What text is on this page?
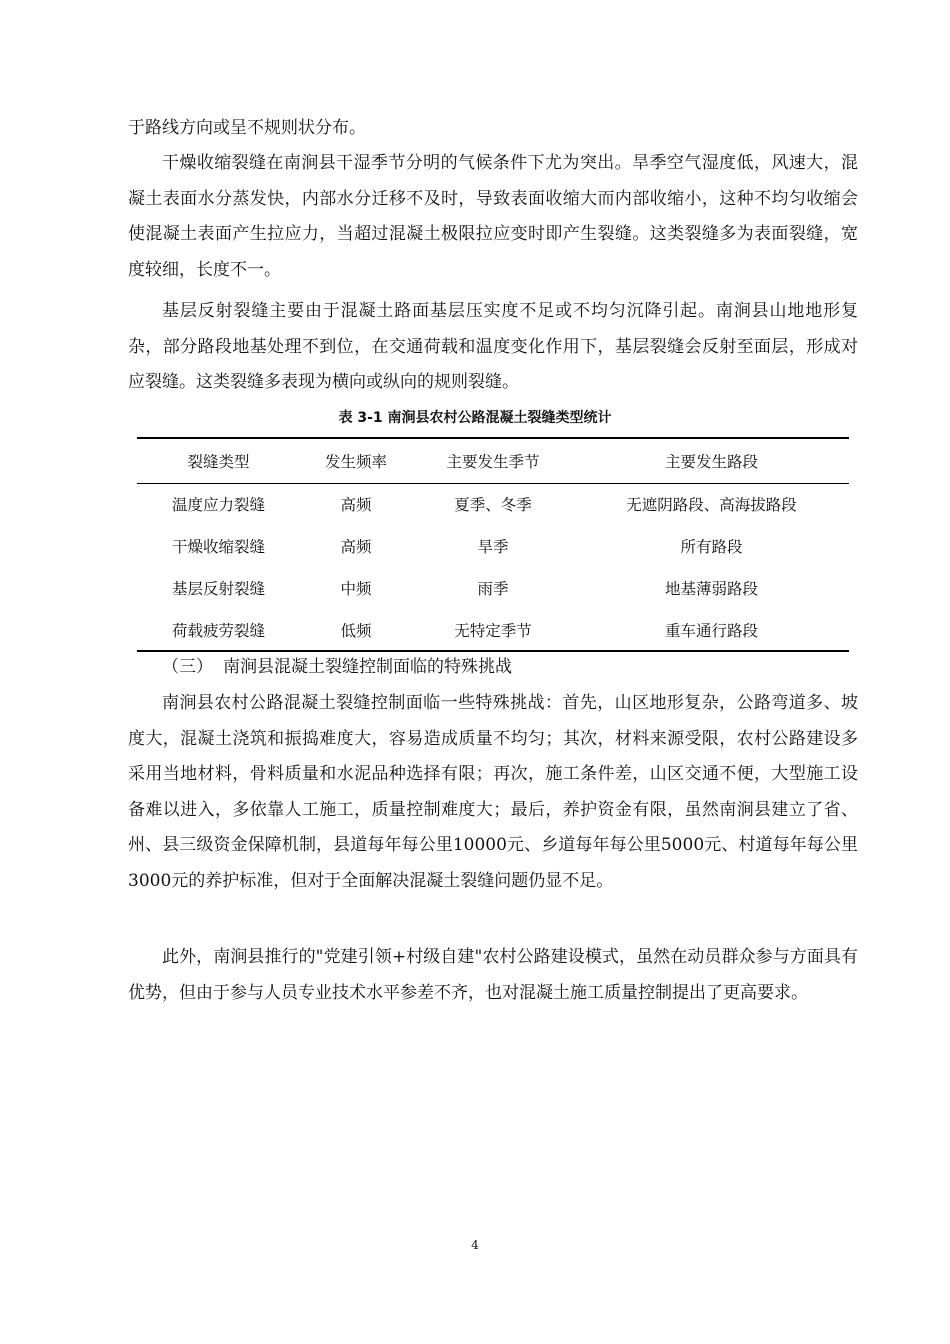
于路线方向或呈不规则状分布。

干燥收缩裂缝在南涧县干湿季节分明的气候条件下尤为突出。旱季空气湿度低，风速大，混凝土表面水分蒸发快，内部水分迁移不及时，导致表面收缩大而内部收缩小，这种不均匀收缩会使混凝土表面产生拉应力，当超过混凝土极限拉应变时即产生裂缝。这类裂缝多为表面裂缝，宽度较细，长度不一。

基层反射裂缝主要由于混凝土路面基层压实度不足或不均匀沉降引起。南涧县山地地形复杂，部分路段地基处理不到位，在交通荷载和温度变化作用下，基层裂缝会反射至面层，形成对应裂缝。这类裂缝多表现为横向或纵向的规则裂缝。

表 3-1 南涧县农村公路混凝土裂缝类型统计
裂缝类型	发生频率	主要发生季节	主要发生路段
温度应力裂缝	高频	夏季、冬季	无遮阴路段、高海拔路段
干燥收缩裂缝	高频	旱季	所有路段
基层反射裂缝	中频	雨季	地基薄弱路段
荷载疲劳裂缝	低频	无特定季节	重车通行路段
（三） 南涧县混凝土裂缝控制面临的特殊挑战

南涧县农村公路混凝土裂缝控制面临一些特殊挑战：首先，山区地形复杂，公路弯道多、坡度大，混凝土浇筑和振捣难度大，容易造成质量不均匀；其次，材料来源受限，农村公路建设多采用当地材料，骨料质量和水泥品种选择有限；再次，施工条件差，山区交通不便，大型施工设备难以进入，多依靠人工施工，质量控制难度大；最后，养护资金有限，虽然南涧县建立了省、州、县三级资金保障机制，县道每年每公里10000元、乡道每年每公里5000元、村道每年每公里3000元的养护标准，但对于全面解决混凝土裂缝问题仍显不足。

此外，南涧县推行的"党建引领+村级自建"农村公路建设模式，虽然在动员群众参与方面具有优势，但由于参与人员专业技术水平参差不齐，也对混凝土施工质量控制提出了更高要求。

4
